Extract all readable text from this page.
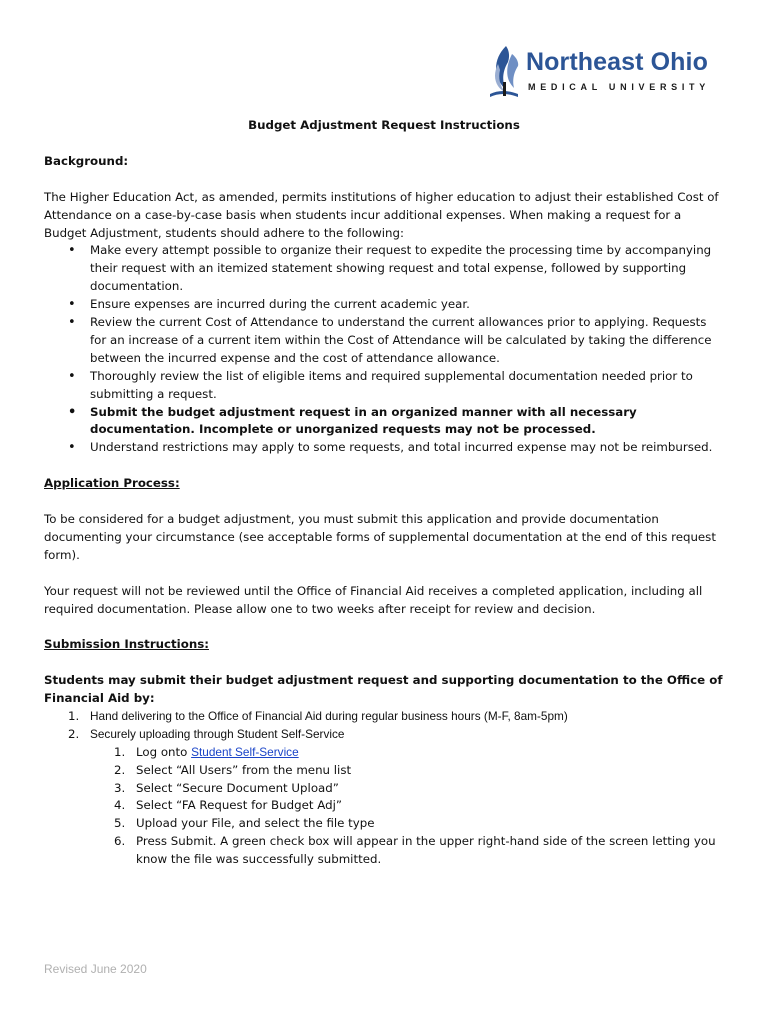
Northeast Ohio
MEDICAL UNIVERSITY

Budget Adjustment Request Instructions

Background:

The Higher Education Act, as amended, permits institutions of higher education to adjust their established Cost of Attendance on a case-by-case basis when students incur additional expenses. When making a request for a Budget Adjustment, students should adhere to the following:

• Make every attempt possible to organize their request to expedite the processing time by accompanying their request with an itemized statement showing request and total expense, followed by supporting documentation.
• Ensure expenses are incurred during the current academic year.
• Review the current Cost of Attendance to understand the current allowances prior to applying. Requests for an increase of a current item within the Cost of Attendance will be calculated by taking the difference between the incurred expense and the cost of attendance allowance.
• Thoroughly review the list of eligible items and required supplemental documentation needed prior to submitting a request.
• Submit the budget adjustment request in an organized manner with all necessary documentation. Incomplete or unorganized requests may not be processed.
• Understand restrictions may apply to some requests, and total incurred expense may not be reimbursed.

Application Process:

To be considered for a budget adjustment, you must submit this application and provide documentation documenting your circumstance (see acceptable forms of supplemental documentation at the end of this request form).

Your request will not be reviewed until the Office of Financial Aid receives a completed application, including all required documentation. Please allow one to two weeks after receipt for review and decision.

Submission Instructions:

Students may submit their budget adjustment request and supporting documentation to the Office of Financial Aid by:

1. Hand delivering to the Office of Financial Aid during regular business hours (M-F, 8am-5pm)
2. Securely uploading through Student Self-Service
1. Log onto Student Self-Service
2. Select “All Users” from the menu list
3. Select “Secure Document Upload”
4. Select “FA Request for Budget Adj”
5. Upload your File, and select the file type
6. Press Submit. A green check box will appear in the upper right-hand side of the screen letting you know the file was successfully submitted.
Revised June 2020
